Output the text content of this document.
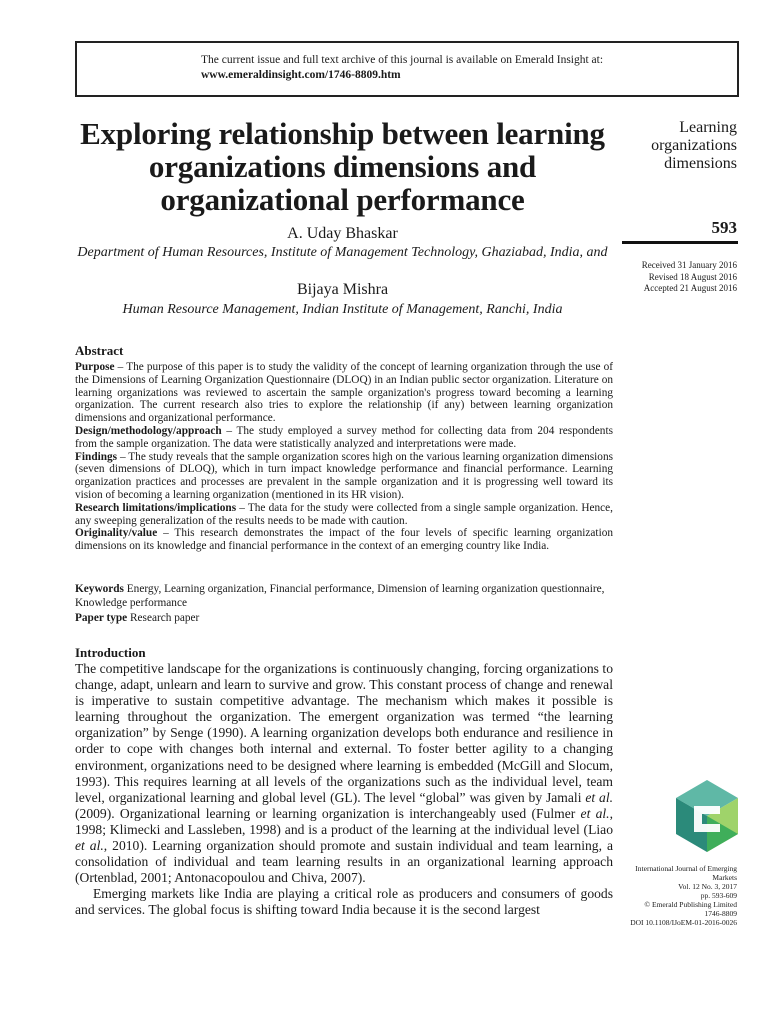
The current issue and full text archive of this journal is available on Emerald Insight at:
www.emeraldinsight.com/1746-8809.htm
Exploring relationship between learning organizations dimensions and organizational performance
A. Uday Bhaskar
Department of Human Resources, Institute of Management Technology, Ghaziabad, India, and
Bijaya Mishra
Human Resource Management, Indian Institute of Management, Ranchi, India
Learning organizations dimensions
593
Received 31 January 2016
Revised 18 August 2016
Accepted 21 August 2016
Abstract

Purpose – The purpose of this paper is to study the validity of the concept of learning organization through the use of the Dimensions of Learning Organization Questionnaire (DLOQ) in an Indian public sector organization. Literature on learning organizations was reviewed to ascertain the sample organization's progress toward becoming a learning organization. The current research also tries to explore the relationship (if any) between learning organization dimensions and organizational performance.

Design/methodology/approach – The study employed a survey method for collecting data from 204 respondents from the sample organization. The data were statistically analyzed and interpretations were made.

Findings – The study reveals that the sample organization scores high on the various learning organization dimensions (seven dimensions of DLOQ), which in turn impact knowledge performance and financial performance. Learning organization practices and processes are prevalent in the sample organization and it is progressing well toward its vision of becoming a learning organization (mentioned in its HR vision).

Research limitations/implications – The data for the study were collected from a single sample organization. Hence, any sweeping generalization of the results needs to be made with caution.

Originality/value – This research demonstrates the impact of the four levels of specific learning organization dimensions on its knowledge and financial performance in the context of an emerging country like India.

Keywords Energy, Learning organization, Financial performance, Dimension of learning organization questionnaire, Knowledge performance
Paper type Research paper
Introduction

The competitive landscape for the organizations is continuously changing, forcing organizations to change, adapt, unlearn and learn to survive and grow. This constant process of change and renewal is imperative to sustain competitive advantage. The mechanism which makes it possible is learning throughout the organization. The emergent organization was termed “the learning organization” by Senge (1990). A learning organization develops both endurance and resilience in order to cope with changes both internal and external. To foster better agility to a changing environment, organizations need to be designed where learning is embedded (McGill and Slocum, 1993). This requires learning at all levels of the organizations such as the individual level, team level, organizational learning and global level (GL). The level “global” was given by Jamali et al. (2009). Organizational learning or learning organization is interchangeably used (Fulmer et al., 1998; Klimecki and Lassleben, 1998) and is a product of the learning at the individual level (Liao et al., 2010). Learning organization should promote and sustain individual and team learning, a consolidation of individual and team learning results in an organizational learning approach (Ortenblad, 2001; Antonacopoulou and Chiva, 2007).

Emerging markets like India are playing a critical role as producers and consumers of goods and services. The global focus is shifting toward India because it is the second largest

International Journal of Emerging Markets
Vol. 12 No. 3, 2017
pp. 593-609
© Emerald Publishing Limited
1746-8809
DOI 10.1108/IJoEM-01-2016-0026
